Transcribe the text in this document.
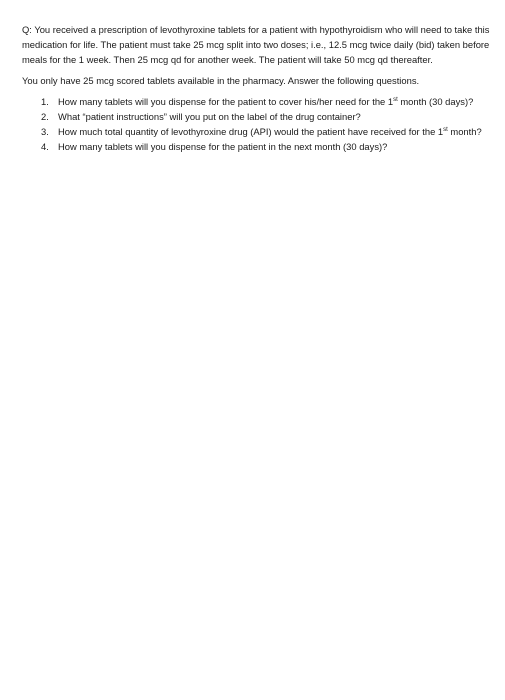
Q: You received a prescription of levothyroxine tablets for a patient with hypothyroidism who will need to take this medication for life. The patient must take 25 mcg split into two doses; i.e., 12.5 mcg twice daily (bid) taken before meals for the 1 week. Then 25 mcg qd for another week. The patient will take 50 mcg qd thereafter.

You only have 25 mcg scored tablets available in the pharmacy. Answer the following questions.

1. How many tablets will you dispense for the patient to cover his/her need for the 1st month (30 days)?
2. What “patient instructions” will you put on the label of the drug container?
3. How much total quantity of levothyroxine drug (API) would the patient have received for the 1st month?
4. How many tablets will you dispense for the patient in the next month (30 days)?
